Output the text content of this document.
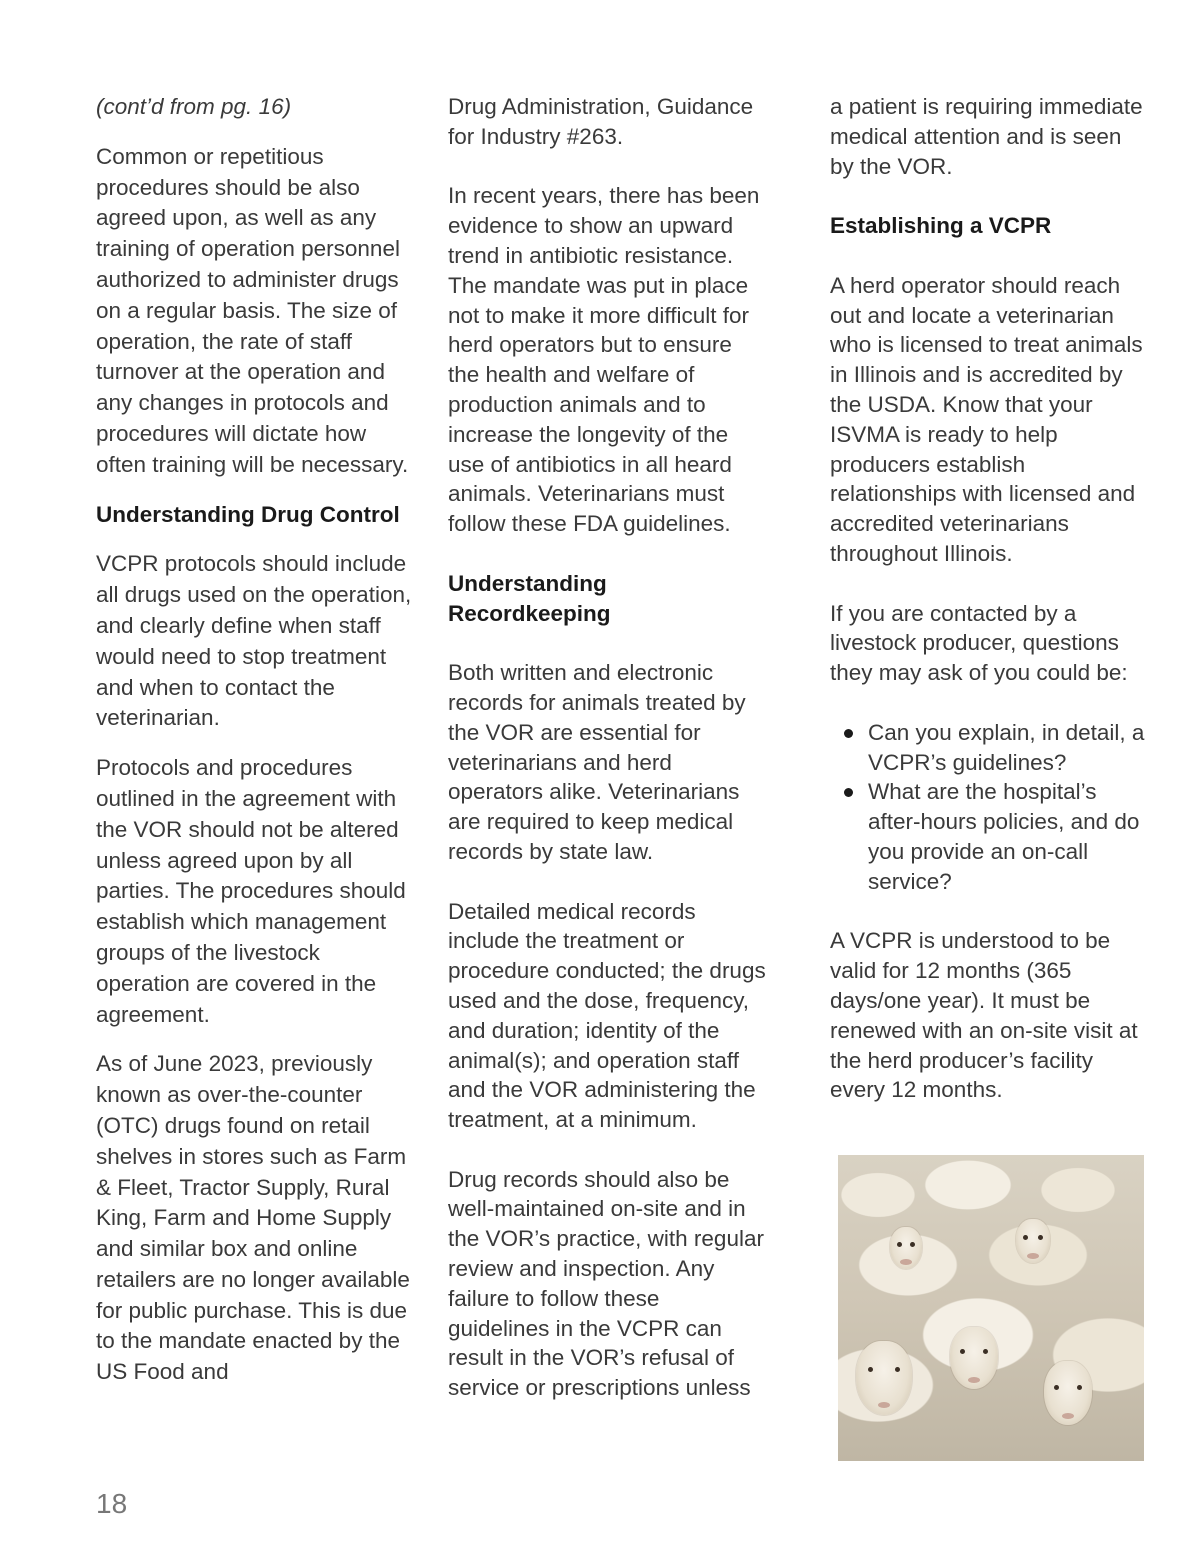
(cont’d from pg. 16)

Common or repetitious procedures should be also agreed upon, as well as any training of operation personnel authorized to administer drugs on a regular basis. The size of operation, the rate of staff turnover at the operation and any changes in protocols and procedures will dictate how often training will be necessary.

Understanding Drug Control

VCPR protocols should include all drugs used on the operation, and clearly define when staff would need to stop treatment and when to contact the veterinarian.

Protocols and procedures outlined in the agreement with the VOR should not be altered unless agreed upon by all parties. The procedures should establish which management groups of the livestock operation are covered in the agreement.

As of June 2023, previously known as over-the-counter (OTC) drugs found on retail shelves in stores such as Farm & Fleet, Tractor Supply, Rural King, Farm and Home Supply and similar box and online retailers are no longer available for public purchase. This is due to the mandate enacted by the US Food and

Drug Administration, Guidance for Industry #263.

In recent years, there has been evidence to show an upward trend in antibiotic resistance. The mandate was put in place not to make it more difficult for herd operators but to ensure the health and welfare of production animals and to increase the longevity of the use of antibiotics in all heard animals. Veterinarians must follow these FDA guidelines.

Understanding Recordkeeping

Both written and electronic records for animals treated by the VOR are essential for veterinarians and herd operators alike. Veterinarians are required to keep medical records by state law.

Detailed medical records include the treatment or procedure conducted; the drugs used and the dose, frequency, and duration; identity of the animal(s); and operation staff and the VOR administering the treatment, at a minimum.

Drug records should also be well-maintained on-site and in the VOR’s practice, with regular review and inspection. Any failure to follow these guidelines in the VCPR can result in the VOR’s refusal of service or prescriptions unless

a patient is requiring immediate medical attention and is seen by the VOR.

Establishing a VCPR

A herd operator should reach out and locate a veterinarian who is licensed to treat animals in Illinois and is accredited by the USDA. Know that your ISVMA is ready to help producers establish relationships with licensed and accredited veterinarians throughout Illinois.

If you are contacted by a livestock producer, questions they may ask of you could be:

Can you explain, in detail, a VCPR’s guidelines?
What are the hospital’s after-hours policies, and do you provide an on-call service?

A VCPR is understood to be valid for 12 months (365 days/one year). It must be renewed with an on-site visit at the herd producer’s facility every 12 months.

18
